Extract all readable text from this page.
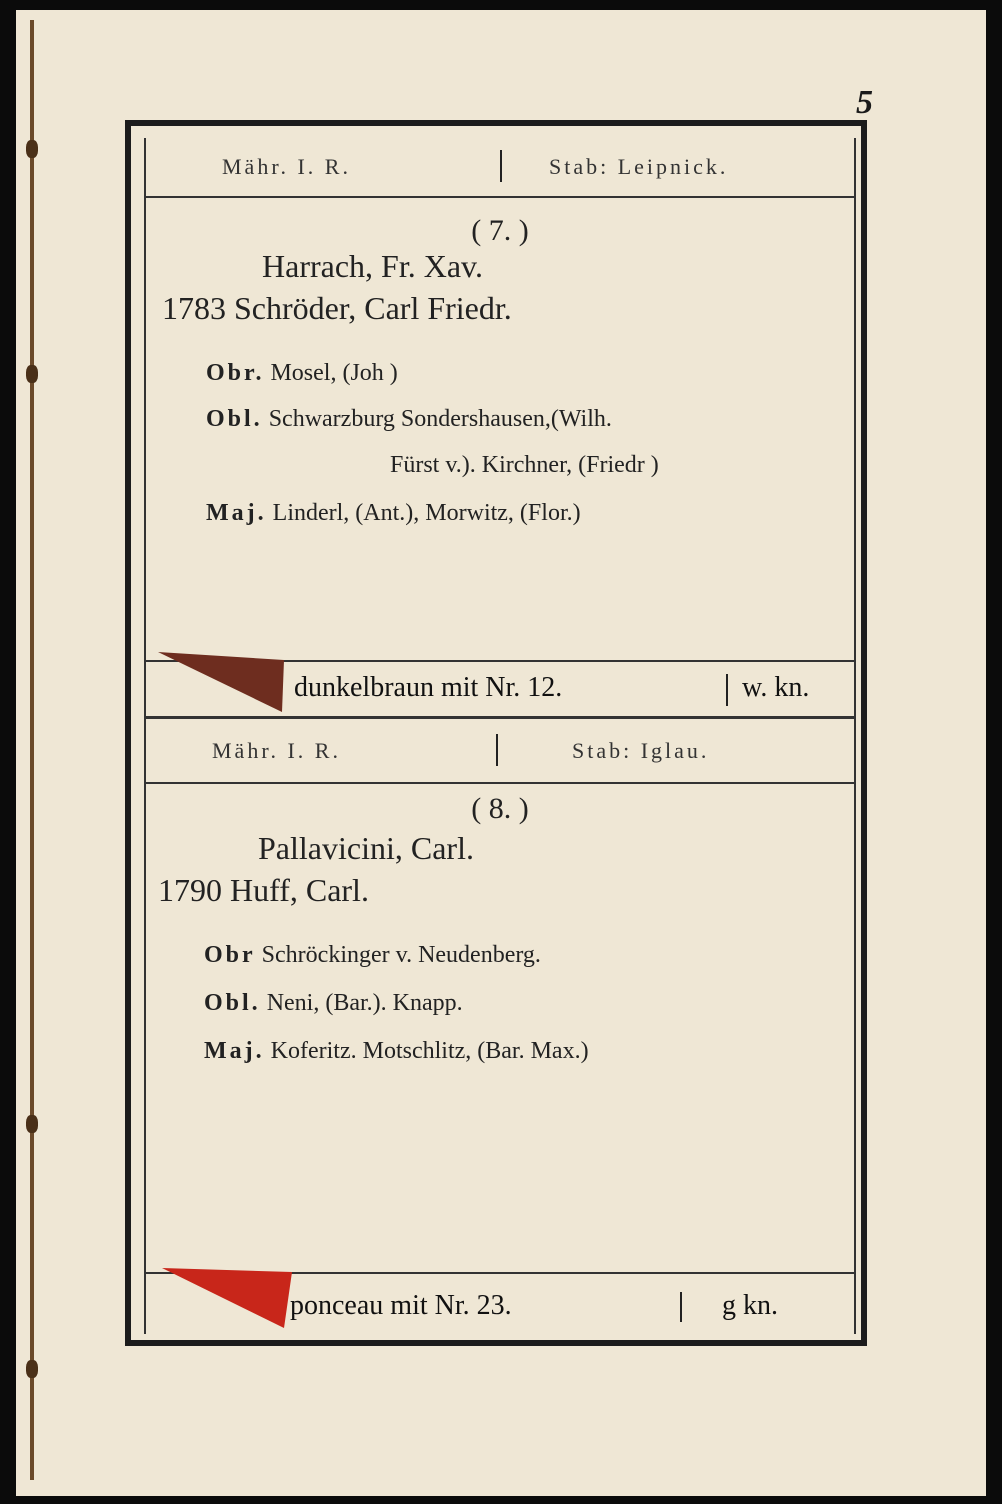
5
Mähr. I. R.	Stab: Leipnick.
( 7. )
Harrach, Fr. Xav.
1783 Schröder, Carl Friedr.
Obr. Mosel, (Joh )
Obl. Schwarzburg Sondershausen,(Wilh.
Fürst v.). Kirchner, (Friedr )
Maj. Linderl, (Ant.), Morwitz, (Flor.)
dunkelbraun mit Nr. 12.	w. kn.
Mähr. I. R.	Stab: Iglau.
( 8. )
Pallavicini, Carl.
1790 Huff, Carl.
Obr Schröckinger v. Neudenberg.
Obl. Neni, (Bar.). Knapp.
Maj. Koferitz. Motschlitz, (Bar. Max.)
ponceau mit Nr. 23.	g kn.
